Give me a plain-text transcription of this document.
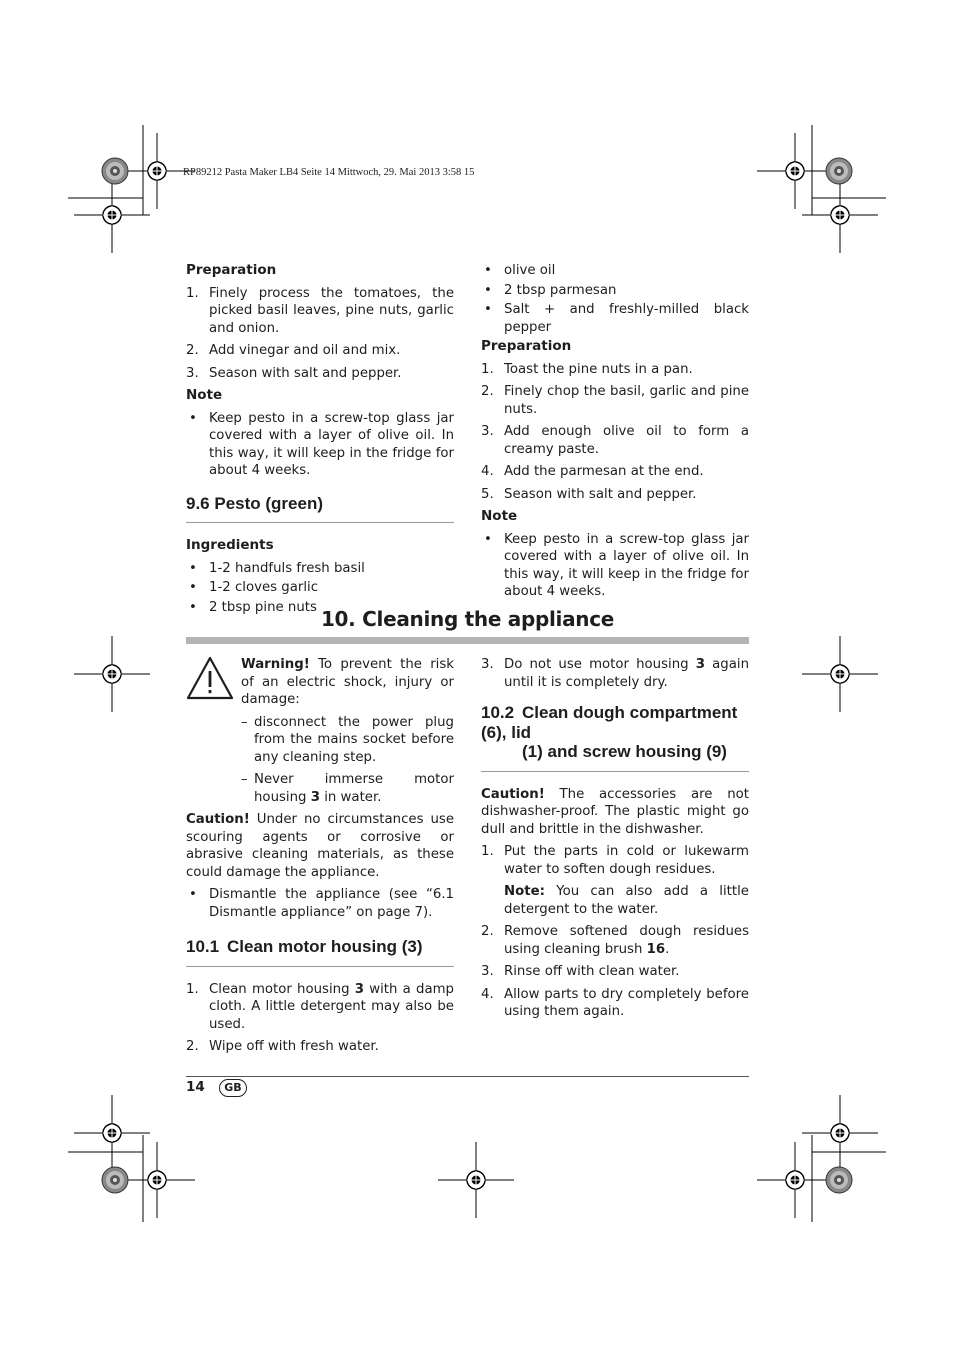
RP89212 Pasta Maker LB4 Seite 14 Mittwoch, 29. Mai 2013 3:58 15
Preparation
1. Finely process the tomatoes, the picked basil leaves, pine nuts, garlic and onion.
2. Add vinegar and oil and mix.
3. Season with salt and pepper.
Note
• Keep pesto in a screw-top glass jar covered with a layer of olive oil. In this way, it will keep in the fridge for about 4 weeks.
9.6 Pesto (green)
Ingredients
• 1-2 handfuls fresh basil
• 1-2 cloves garlic
• 2 tbsp pine nuts
• olive oil
• 2 tbsp parmesan
• Salt + and freshly-milled black pepper
Preparation
1. Toast the pine nuts in a pan.
2. Finely chop the basil, garlic and pine nuts.
3. Add enough olive oil to form a creamy paste.
4. Add the parmesan at the end.
5. Season with salt and pepper.
Note
• Keep pesto in a screw-top glass jar covered with a layer of olive oil. In this way, it will keep in the fridge for about 4 weeks.
10. Cleaning the appliance

Warning! To prevent the risk of an electric shock, injury or damage:

– disconnect the power plug from the mains socket before any cleaning step.
– Never immerse motor housing 3 in water.

Caution! Under no circumstances use scouring agents or corrosive or abrasive cleaning materials, as these could damage the appliance.

• Dismantle the appliance (see “6.1 Dismantle appliance” on page 7).
10.1 Clean motor housing (3)
1. Clean motor housing 3 with a damp cloth. A little detergent may also be used.
2. Wipe off with fresh water.
3. Do not use motor housing 3 again until it is completely dry.
10.2 Clean dough compartment (6), lid
(1) and screw housing (9)

Caution! The accessories are not dishwasher-proof. The plastic might go dull and brittle in the dishwasher.

1. Put the parts in cold or lukewarm water to soften dough residues.

Note: You can also add a little detergent to the water.

2. Remove softened dough residues using cleaning brush 16.
3. Rinse off with clean water.
4. Allow parts to dry completely before using them again.
14	GB
